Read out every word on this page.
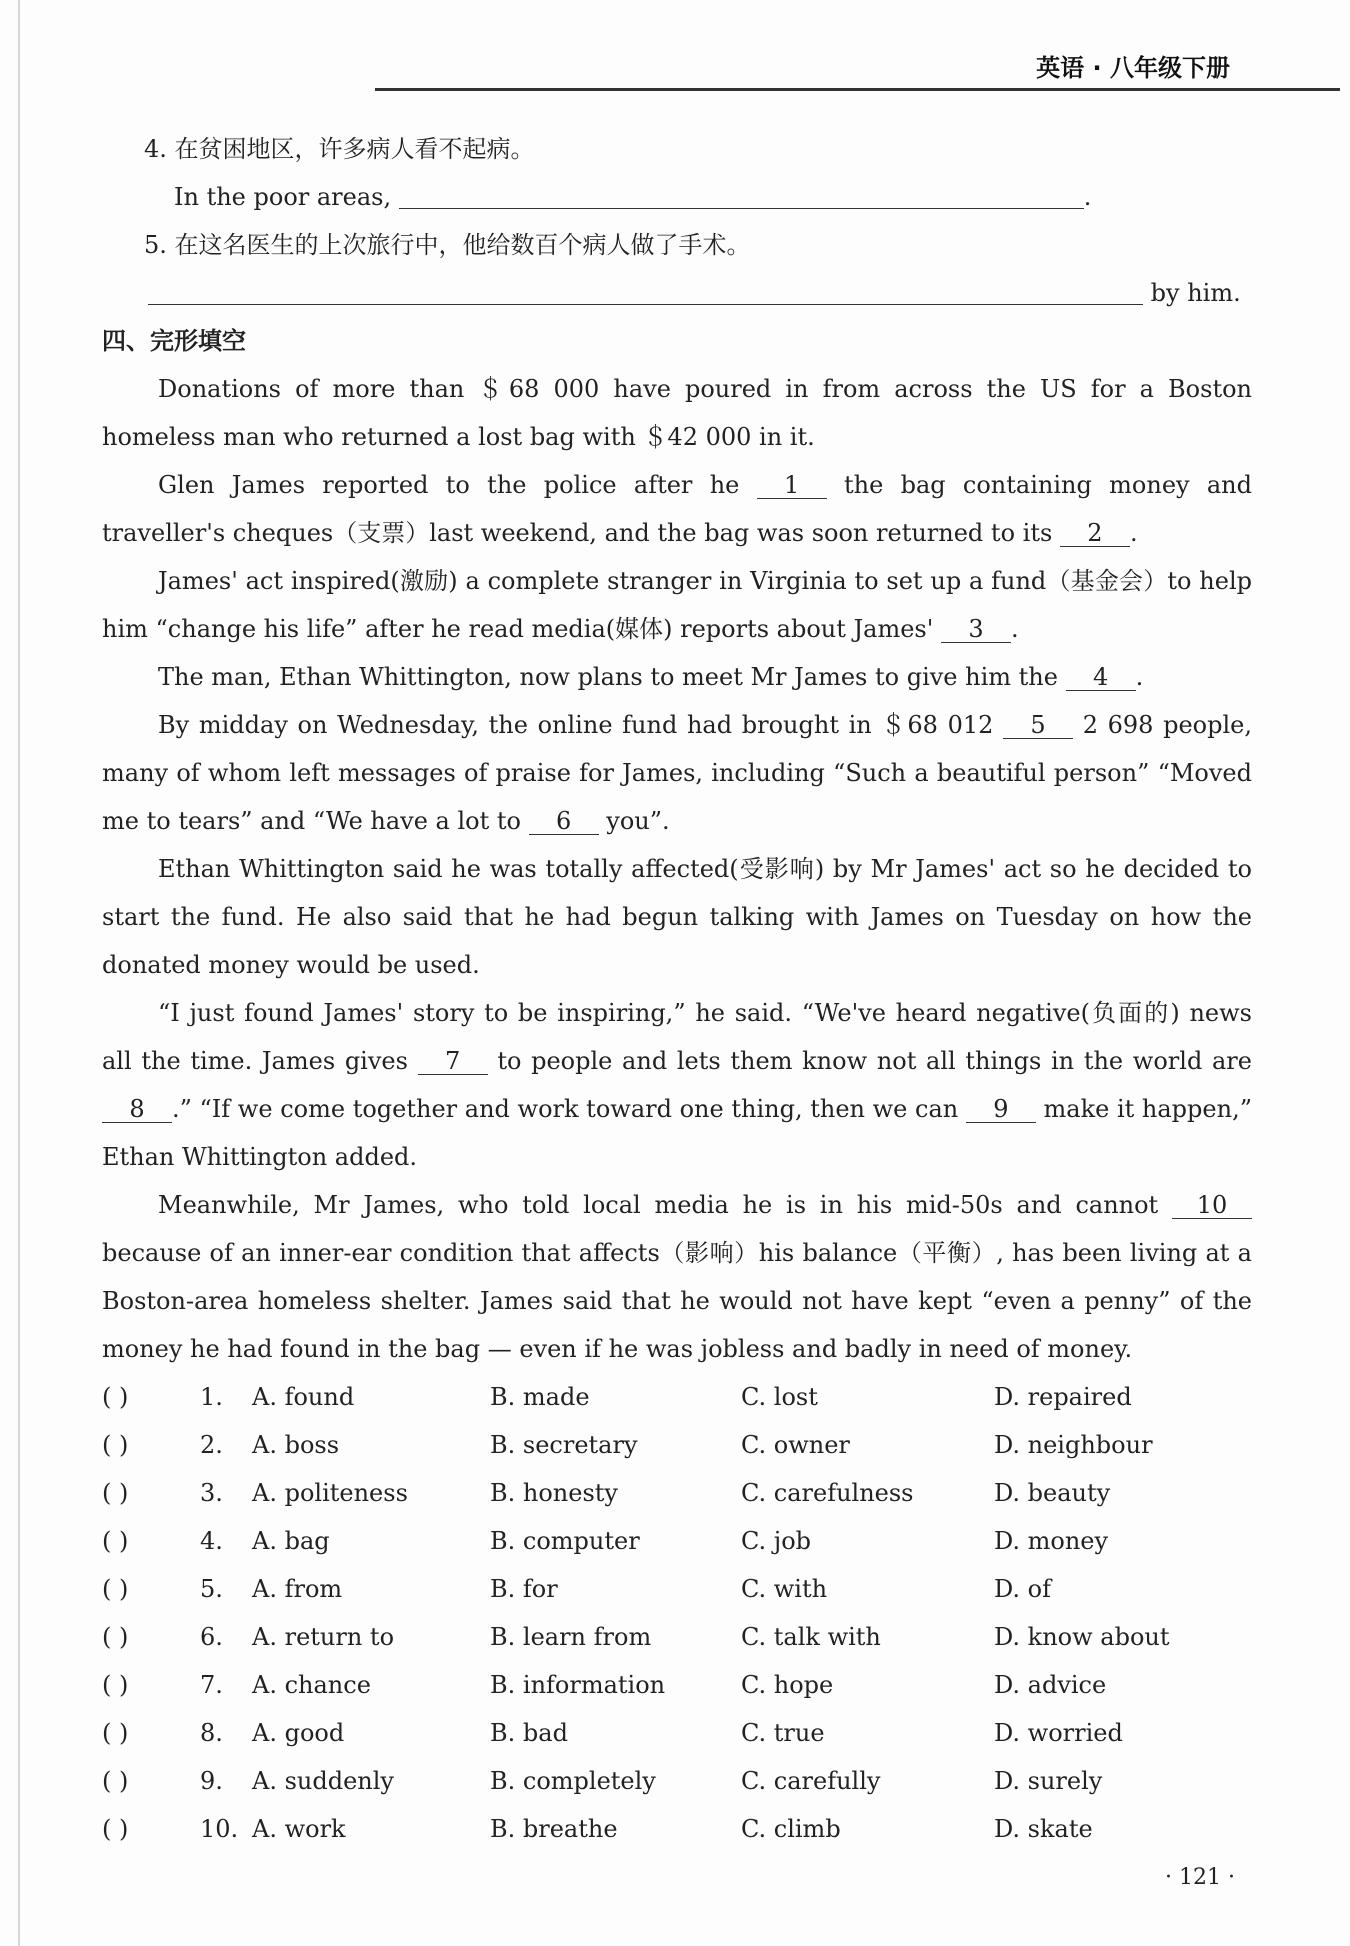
英语 · 八年级下册
4. 在贫困地区，许多病人看不起病。
In the poor areas,	.
5. 在这名医生的上次旅行中，他给数百个病人做了手术。
by him.
四、完形填空
Donations of more than ＄68 000 have poured in from across the US for a Boston homeless man who returned a lost bag with ＄42 000 in it.
Glen James reported to the police after he 1 the bag containing money and traveller's cheques（支票）last weekend, and the bag was soon returned to its 2 .
James' act inspired(激励) a complete stranger in Virginia to set up a fund（基金会）to help him “change his life” after he read media(媒体) reports about James' 3 .
The man, Ethan Whittington, now plans to meet Mr James to give him the 4 .
By midday on Wednesday, the online fund had brought in ＄68 012 5 2 698 people, many of whom left messages of praise for James, including “Such a beautiful person” “Moved me to tears” and “We have a lot to 6 you”.
Ethan Whittington said he was totally affected(受影响) by Mr James' act so he decided to start the fund. He also said that he had begun talking with James on Tuesday on how the donated money would be used.
“I just found James' story to be inspiring,” he said. “We've heard negative(负面的) news all the time. James gives 7 to people and lets them know not all things in the world are 8 .” “If we come together and work toward one thing, then we can 9 make it happen,” Ethan Whittington added.
Meanwhile, Mr James, who told local media he is in his mid-50s and cannot 10 because of an inner-ear condition that affects（影响）his balance（平衡）, has been living at a Boston-area homeless shelter. James said that he would not have kept “even a penny” of the money he had found in the bag — even if he was jobless and badly in need of money.
( )	1.	A. found	B. made	C. lost	D. repaired
( )	2.	A. boss	B. secretary	C. owner	D. neighbour
( )	3.	A. politeness	B. honesty	C. carefulness	D. beauty
( )	4.	A. bag	B. computer	C. job	D. money
( )	5.	A. from	B. for	C. with	D. of
( )	6.	A. return to	B. learn from	C. talk with	D. know about
( )	7.	A. chance	B. information	C. hope	D. advice
( )	8.	A. good	B. bad	C. true	D. worried
( )	9.	A. suddenly	B. completely	C. carefully	D. surely
( )	10. A. work	B. breathe	C. climb	D. skate
· 121 ·
